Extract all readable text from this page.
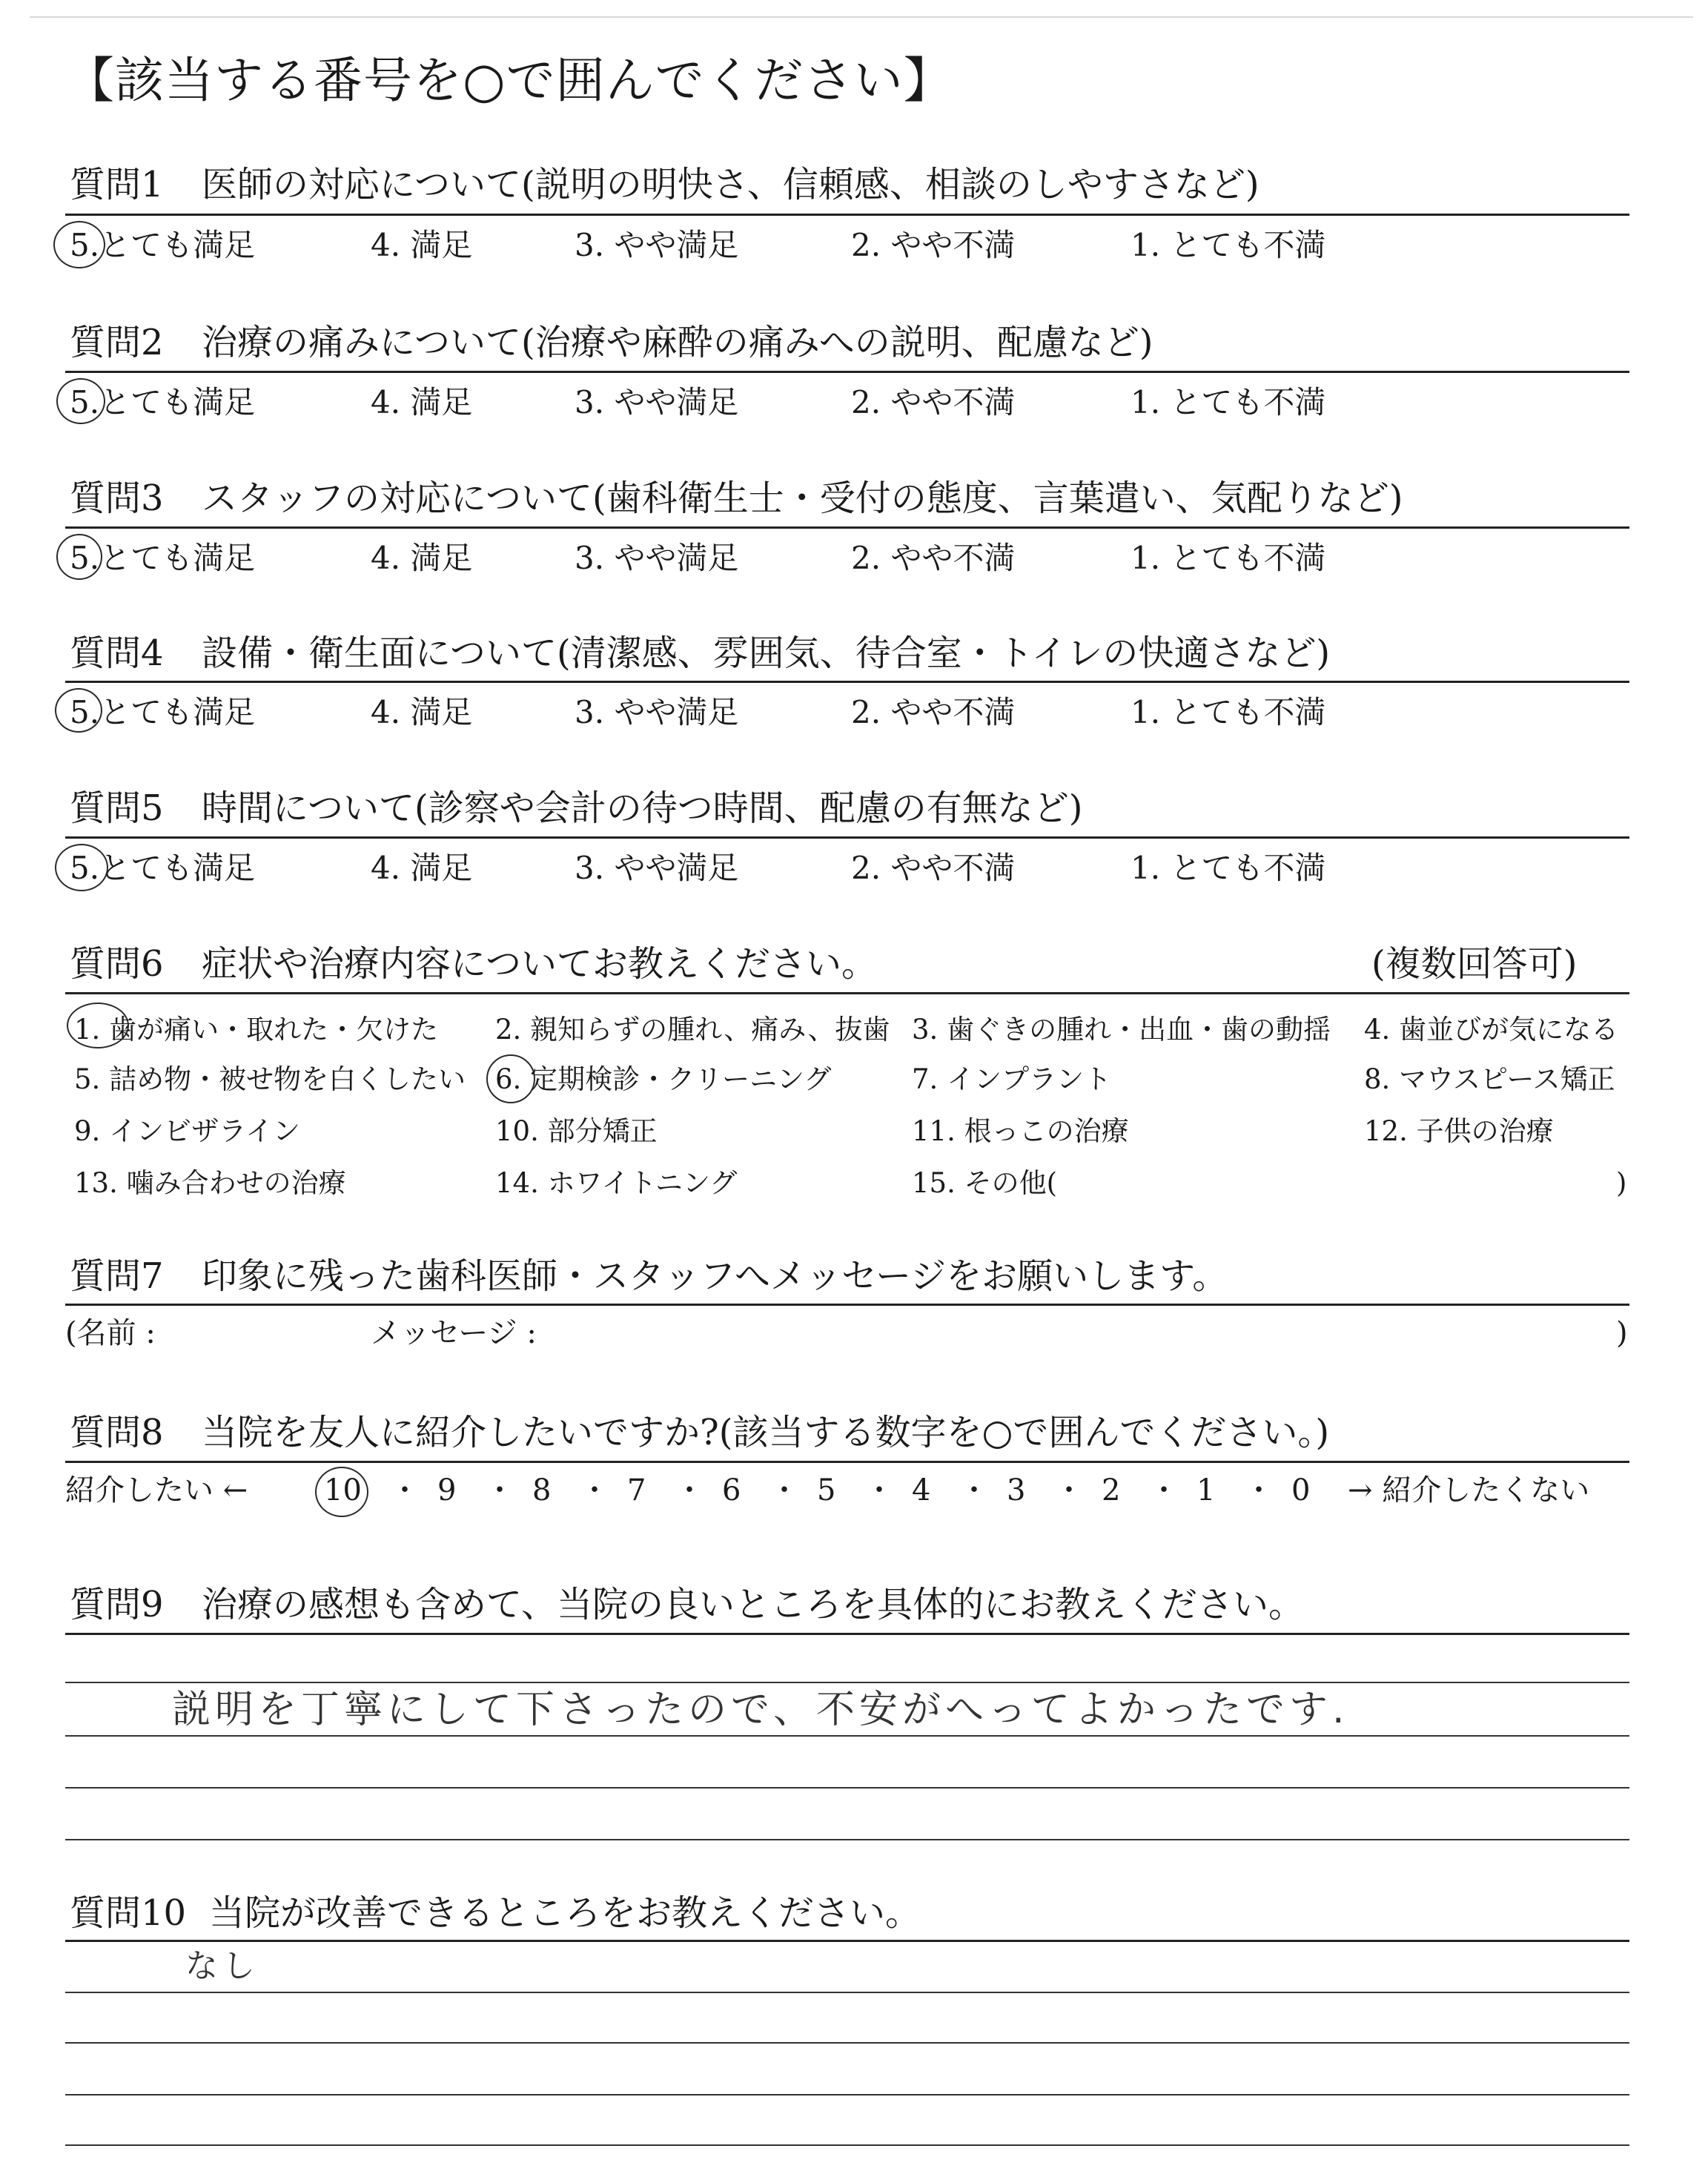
【該当する番号を○で囲んでください】
質問1 医師の対応について(説明の明快さ、信頼感、相談のしやすさなど)
5.とても満足	4. 満足	3. やや満足	2. やや不満	1. とても不満
質問2 治療の痛みについて(治療や麻酔の痛みへの説明、配慮など)
5.とても満足	4. 満足	3. やや満足	2. やや不満	1. とても不満
質問3 スタッフの対応について(歯科衛生士・受付の態度、言葉遣い、気配りなど)
5.とても満足	4. 満足	3. やや満足	2. やや不満	1. とても不満
質問4 設備・衛生面について(清潔感、雰囲気、待合室・トイレの快適さなど)
5.とても満足	4. 満足	3. やや満足	2. やや不満	1. とても不満
質問5 時間について(診察や会計の待つ時間、配慮の有無など)
5.とても満足	4. 満足	3. やや満足	2. やや不満	1. とても不満
質問6 症状や治療内容についてお教えください。	(複数回答可)
1. 歯が痛い・取れた・欠けた 2. 親知らずの腫れ、痛み、抜歯 3. 歯ぐきの腫れ・出血・歯の動揺 4. 歯並びが気になる
5. 詰め物・被せ物を白くしたい 6. 定期検診・クリーニング	7. インプラント	8. マウスピース矯正
9. インビザライン	10. 部分矯正	11. 根っこの治療	12. 子供の治療
13. 噛み合わせの治療	14. ホワイトニング	15. その他(	)
質問7 印象に残った歯科医師・スタッフへメッセージをお願いします。
(名前 :	メッセージ :	)
質問8 当院を友人に紹介したいですか?(該当する数字を○で囲んでください。)
紹介したい ←	10 ・ 9 ・ 8 ・ 7 ・ 6 ・ 5 ・ 4 ・ 3 ・ 2 ・ 1 ・ 0 → 紹介したくない
質問9 治療の感想も含めて、当院の良いところを具体的にお教えください。
説明を丁寧にして下さったので、不安がへってよかったです.
質問10 当院が改善できるところをお教えください。
なし
